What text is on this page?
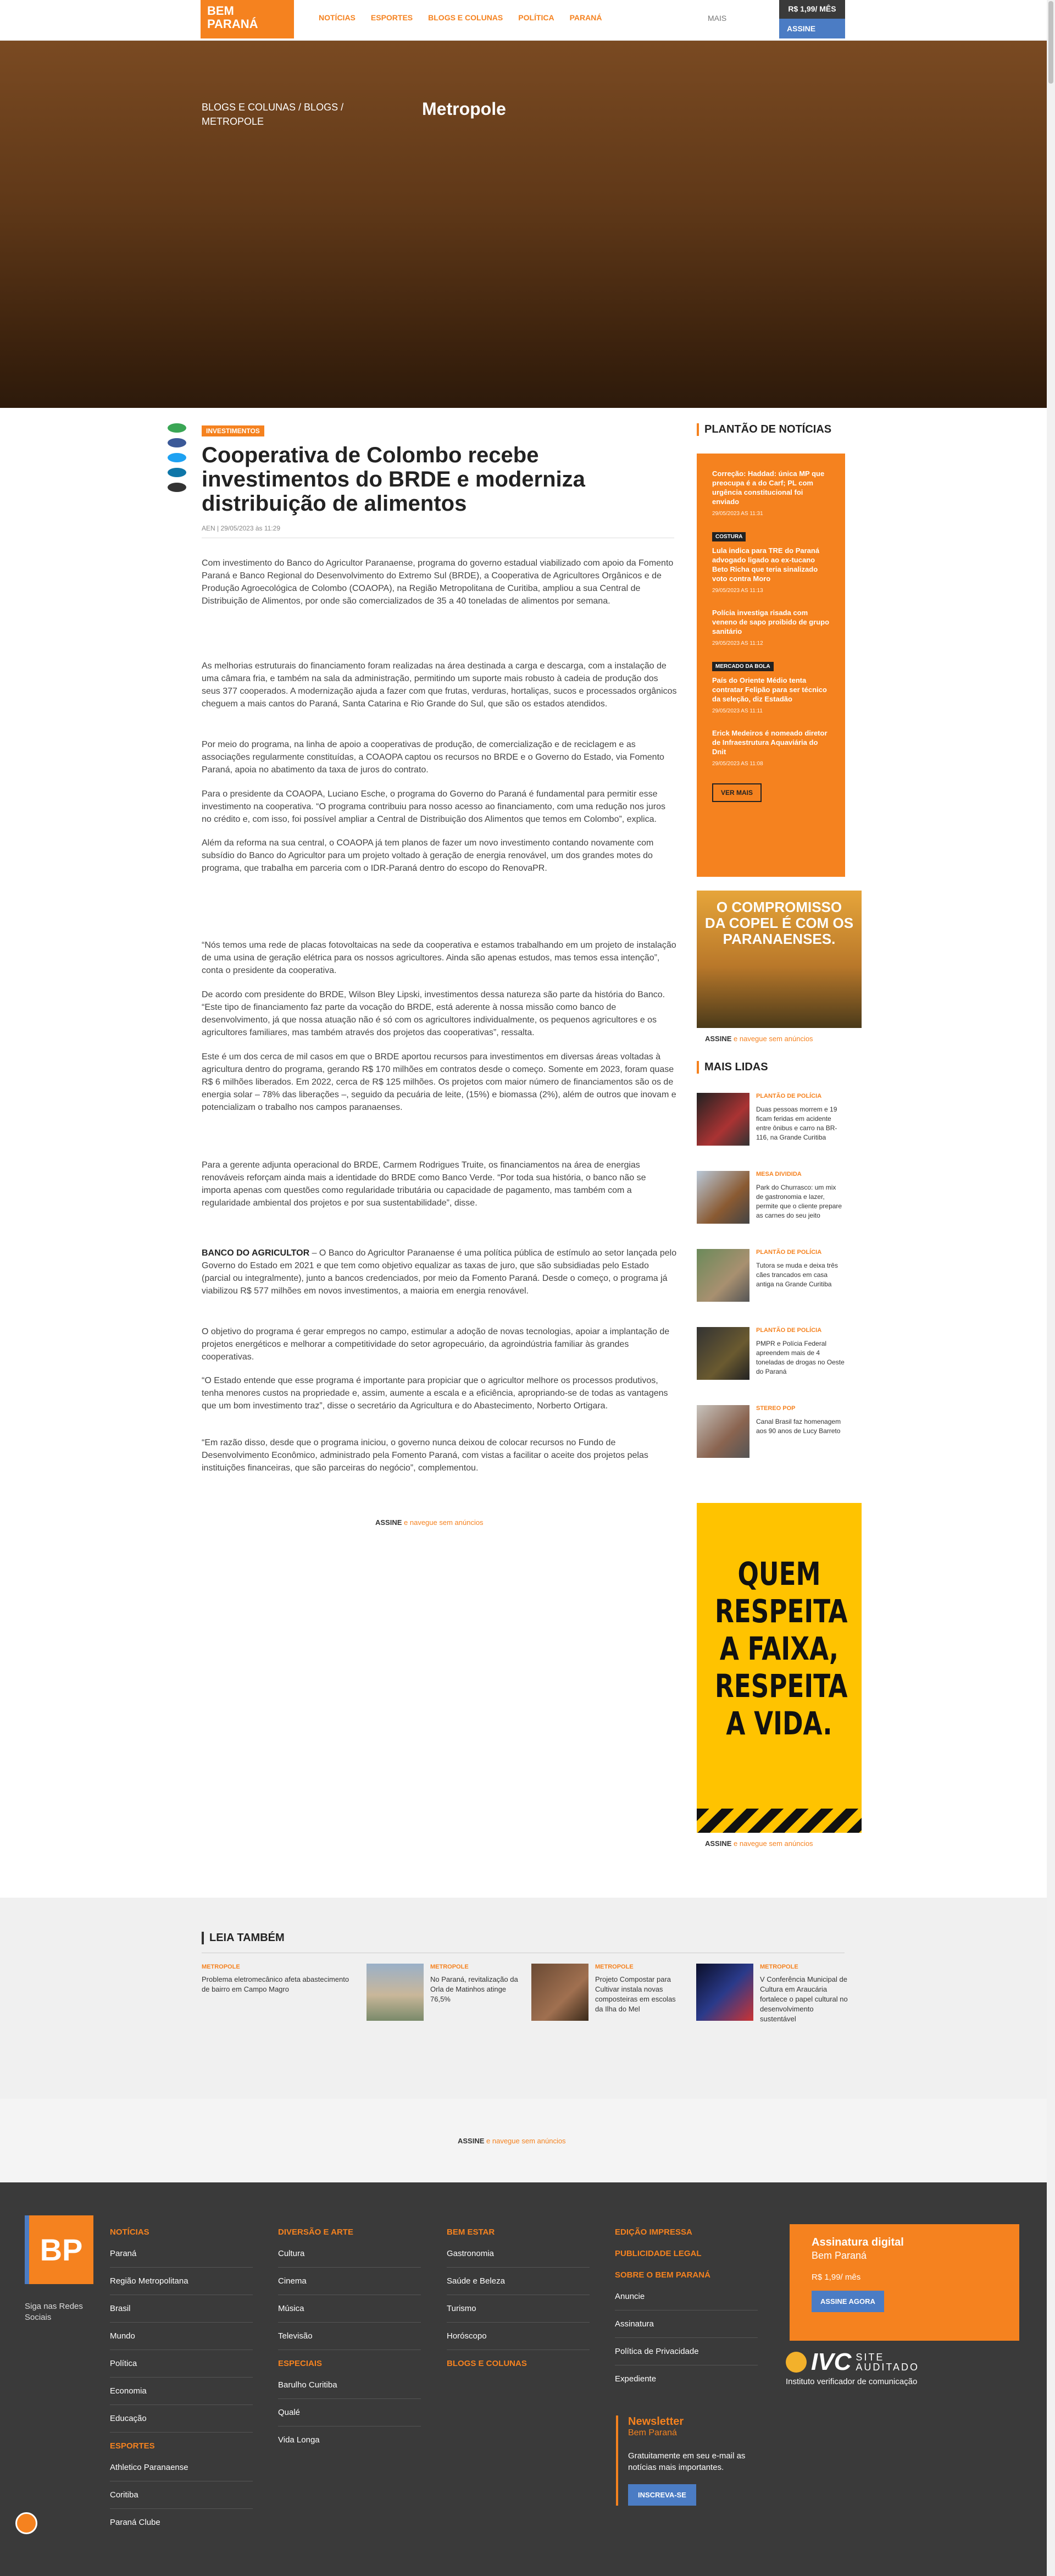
BEM
PARANÁ	NOTÍCIAS ESPORTES BLOGS E COLUNAS POLÍTICA PARANÁ	MAIS
R$ 1,99/ MÊS
ASSINE
BLOGS E COLUNAS / BLOGS / METROPOLE
Metropole
INVESTIMENTOS
Cooperativa de Colombo recebe investimentos do BRDE e moderniza distribuição de alimentos
AEN | 29/05/2023 às 11:29

Com investimento do Banco do Agricultor Paranaense, programa do governo estadual viabilizado com apoio da Fomento Paraná e Banco Regional do Desenvolvimento do Extremo Sul (BRDE), a Cooperativa de Agricultores Orgânicos e de Produção Agroecológica de Colombo (COAOPA), na Região Metropolitana de Curitiba, ampliou a sua Central de Distribuição de Alimentos, por onde são comercializados de 35 a 40 toneladas de alimentos por semana.

As melhorias estruturais do financiamento foram realizadas na área destinada a carga e descarga, com a instalação de uma câmara fria, e também na sala da administração, permitindo um suporte mais robusto à cadeia de produção dos seus 377 cooperados. A modernização ajuda a fazer com que frutas, verduras, hortaliças, sucos e processados orgânicos cheguem a mais cantos do Paraná, Santa Catarina e Rio Grande do Sul, que são os estados atendidos.

Por meio do programa, na linha de apoio a cooperativas de produção, de comercialização e de reciclagem e as associações regularmente constituídas, a COAOPA captou os recursos no BRDE e o Governo do Estado, via Fomento Paraná, apoia no abatimento da taxa de juros do contrato.

Para o presidente da COAOPA, Luciano Esche, o programa do Governo do Paraná é fundamental para permitir esse investimento na cooperativa. “O programa contribuiu para nosso acesso ao financiamento, com uma redução nos juros no crédito e, com isso, foi possível ampliar a Central de Distribuição dos Alimentos que temos em Colombo”, explica.

Além da reforma na sua central, o COAOPA já tem planos de fazer um novo investimento contando novamente com subsídio do Banco do Agricultor para um projeto voltado à geração de energia renovável, um dos grandes motes do programa, que trabalha em parceria com o IDR-Paraná dentro do escopo do RenovaPR.

“Nós temos uma rede de placas fotovoltaicas na sede da cooperativa e estamos trabalhando em um projeto de instalação de uma usina de geração elétrica para os nossos agricultores. Ainda são apenas estudos, mas temos essa intenção”, conta o presidente da cooperativa.

De acordo com presidente do BRDE, Wilson Bley Lipski, investimentos dessa natureza são parte da história do Banco. “Este tipo de financiamento faz parte da vocação do BRDE, está aderente à nossa missão como banco de desenvolvimento, já que nossa atuação não é só com os agricultores individualmente, os pequenos agricultores e os agricultores familiares, mas também através dos projetos das cooperativas”, ressalta.

Este é um dos cerca de mil casos em que o BRDE aportou recursos para investimentos em diversas áreas voltadas à agricultura dentro do programa, gerando R$ 170 milhões em contratos desde o começo. Somente em 2023, foram quase R$ 6 milhões liberados. Em 2022, cerca de R$ 125 milhões. Os projetos com maior número de financiamentos são os de energia solar – 78% das liberações –, seguido da pecuária de leite, (15%) e biomassa (2%), além de outros que inovam e potencializam o trabalho nos campos paranaenses.

Para a gerente adjunta operacional do BRDE, Carmem Rodrigues Truite, os financiamentos na área de energias renováveis reforçam ainda mais a identidade do BRDE como Banco Verde. “Por toda sua história, o banco não se importa apenas com questões como regularidade tributária ou capacidade de pagamento, mas também com a regularidade ambiental dos projetos e por sua sustentabilidade”, disse.

BANCO DO AGRICULTOR – O Banco do Agricultor Paranaense é uma política pública de estímulo ao setor lançada pelo Governo do Estado em 2021 e que tem como objetivo equalizar as taxas de juro, que são subsidiadas pelo Estado (parcial ou integralmente), junto a bancos credenciados, por meio da Fomento Paraná. Desde o começo, o programa já viabilizou R$ 577 milhões em novos investimentos, a maioria em energia renovável.

O objetivo do programa é gerar empregos no campo, estimular a adoção de novas tecnologias, apoiar a implantação de projetos energéticos e melhorar a competitividade do setor agropecuário, da agroindústria familiar às grandes cooperativas.

“O Estado entende que esse programa é importante para propiciar que o agricultor melhore os processos produtivos, tenha menores custos na propriedade e, assim, aumente a escala e a eficiência, apropriando-se de todas as vantagens que um bom investimento traz”, disse o secretário da Agricultura e do Abastecimento, Norberto Ortigara.

“Em razão disso, desde que o programa iniciou, o governo nunca deixou de colocar recursos no Fundo de Desenvolvimento Econômico, administrado pela Fomento Paraná, com vistas a facilitar o aceite dos projetos pelas instituições financeiras, que são parceiras do negócio”, complementou.

ASSINE e navegue sem anúncios
PLANTÃO DE NOTÍCIAS
Correção: Haddad: única MP que preocupa é a do Carf; PL com urgência constitucional foi enviado
29/05/2023 AS 11:31
COSTURA
Lula indica para TRE do Paraná advogado ligado ao ex-tucano Beto Richa que teria sinalizado voto contra Moro
29/05/2023 AS 11:13
Polícia investiga risada com veneno de sapo proibido de grupo sanitário
29/05/2023 AS 11:12
MERCADO DA BOLA
País do Oriente Médio tenta contratar Felipão para ser técnico da seleção, diz Estadão
29/05/2023 AS 11:11
Erick Medeiros é nomeado diretor de Infraestrutura Aquaviária do Dnit
29/05/2023 AS 11:08
VER MAIS

O COMPROMISSO DA COPEL É COM OS PARANAENSES.

ASSINE e navegue sem anúncios
MAIS LIDAS
PLANTÃO DE POLÍCIA
Duas pessoas morrem e 19 ficam feridas em acidente entre ônibus e carro na BR-116, na Grande Curitiba
MESA DIVIDIDA
Park do Churrasco: um mix de gastronomia e lazer, permite que o cliente prepare as carnes do seu jeito
PLANTÃO DE POLÍCIA
Tutora se muda e deixa três cães trancados em casa antiga na Grande Curitiba
PLANTÃO DE POLÍCIA
PMPR e Polícia Federal apreendem mais de 4 toneladas de drogas no Oeste do Paraná
STEREO POP
Canal Brasil faz homenagem aos 90 anos de Lucy Barreto

QUEM RESPEITA A FAIXA, RESPEITA A VIDA.

ASSINE e navegue sem anúncios
LEIA TAMBÉM
METROPOLE
Problema eletromecânico afeta abastecimento de bairro em Campo Magro
METROPOLE
No Paraná, revitalização da Orla de Matinhos atinge 76,5%
METROPOLE
Projeto Compostar para Cultivar instala novas composteiras em escolas da Ilha do Mel
METROPOLE
V Conferência Municipal de Cultura em Araucária fortalece o papel cultural no desenvolvimento sustentável
ASSINE e navegue sem anúncios
BP
Siga nas Redes Sociais
NOTÍCIAS
Paraná
Região Metropolitana
Brasil
Mundo
Política
Economia
Educação
ESPORTES
Athletico Paranaense
Coritiba
Paraná Clube
DIVERSÃO E ARTE
Cultura
Cinema
Música
Televisão
ESPECIAIS
Barulho Curitiba
Qualé
Vida Longa
BEM ESTAR
Gastronomia
Saúde e Beleza
Turismo
Horóscopo
BLOGS E COLUNAS
EDIÇÃO IMPRESSA
PUBLICIDADE LEGAL
SOBRE O BEM PARANÁ
Anuncie
Assinatura
Política de Privacidade
Expediente
Assinatura digital
Bem Paraná
R$ 1,99/ mês
ASSINE AGORA
IVC SITE
AUDITADO
Instituto verificador de comunicação
Newsletter
Bem Paraná
Gratuitamente em seu e-mail as notícias mais importantes.
INSCREVA-SE
